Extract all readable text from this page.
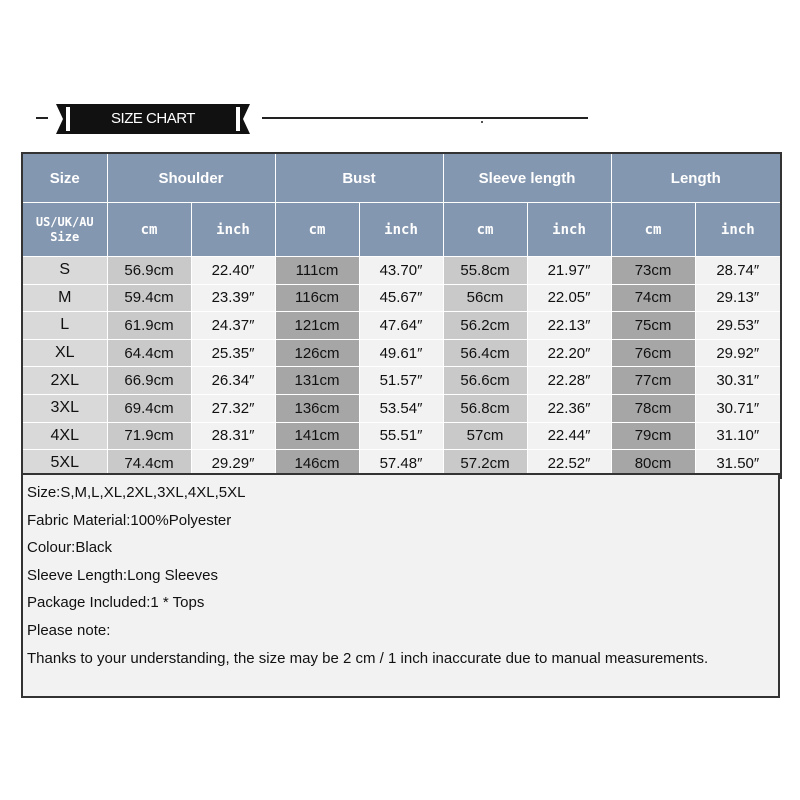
SIZE CHART
Size	Shoulder		Bust		Sleeve length		Length	
US/UK/AU
Size	cm	inch	cm	inch	cm	inch	cm	inch
S	56.9cm	22.40″	111cm	43.70″	55.8cm	21.97″	73cm	28.74″
M	59.4cm	23.39″	116cm	45.67″	56cm	22.05″	74cm	29.13″
L	61.9cm	24.37″	121cm	47.64″	56.2cm	22.13″	75cm	29.53″
XL	64.4cm	25.35″	126cm	49.61″	56.4cm	22.20″	76cm	29.92″
2XL	66.9cm	26.34″	131cm	51.57″	56.6cm	22.28″	77cm	30.31″
3XL	69.4cm	27.32″	136cm	53.54″	56.8cm	22.36″	78cm	30.71″
4XL	71.9cm	28.31″	141cm	55.51″	57cm	22.44″	79cm	31.10″
5XL	74.4cm	29.29″	146cm	57.48″	57.2cm	22.52″	80cm	31.50″
Size:S,M,L,XL,2XL,3XL,4XL,5XL
Fabric Material:100%Polyester
Colour:Black
Sleeve Length:Long Sleeves
Package Included:1 * Tops
Please note:
Thanks to your understanding, the size may be 2 cm / 1 inch inaccurate due to manual measurements.
